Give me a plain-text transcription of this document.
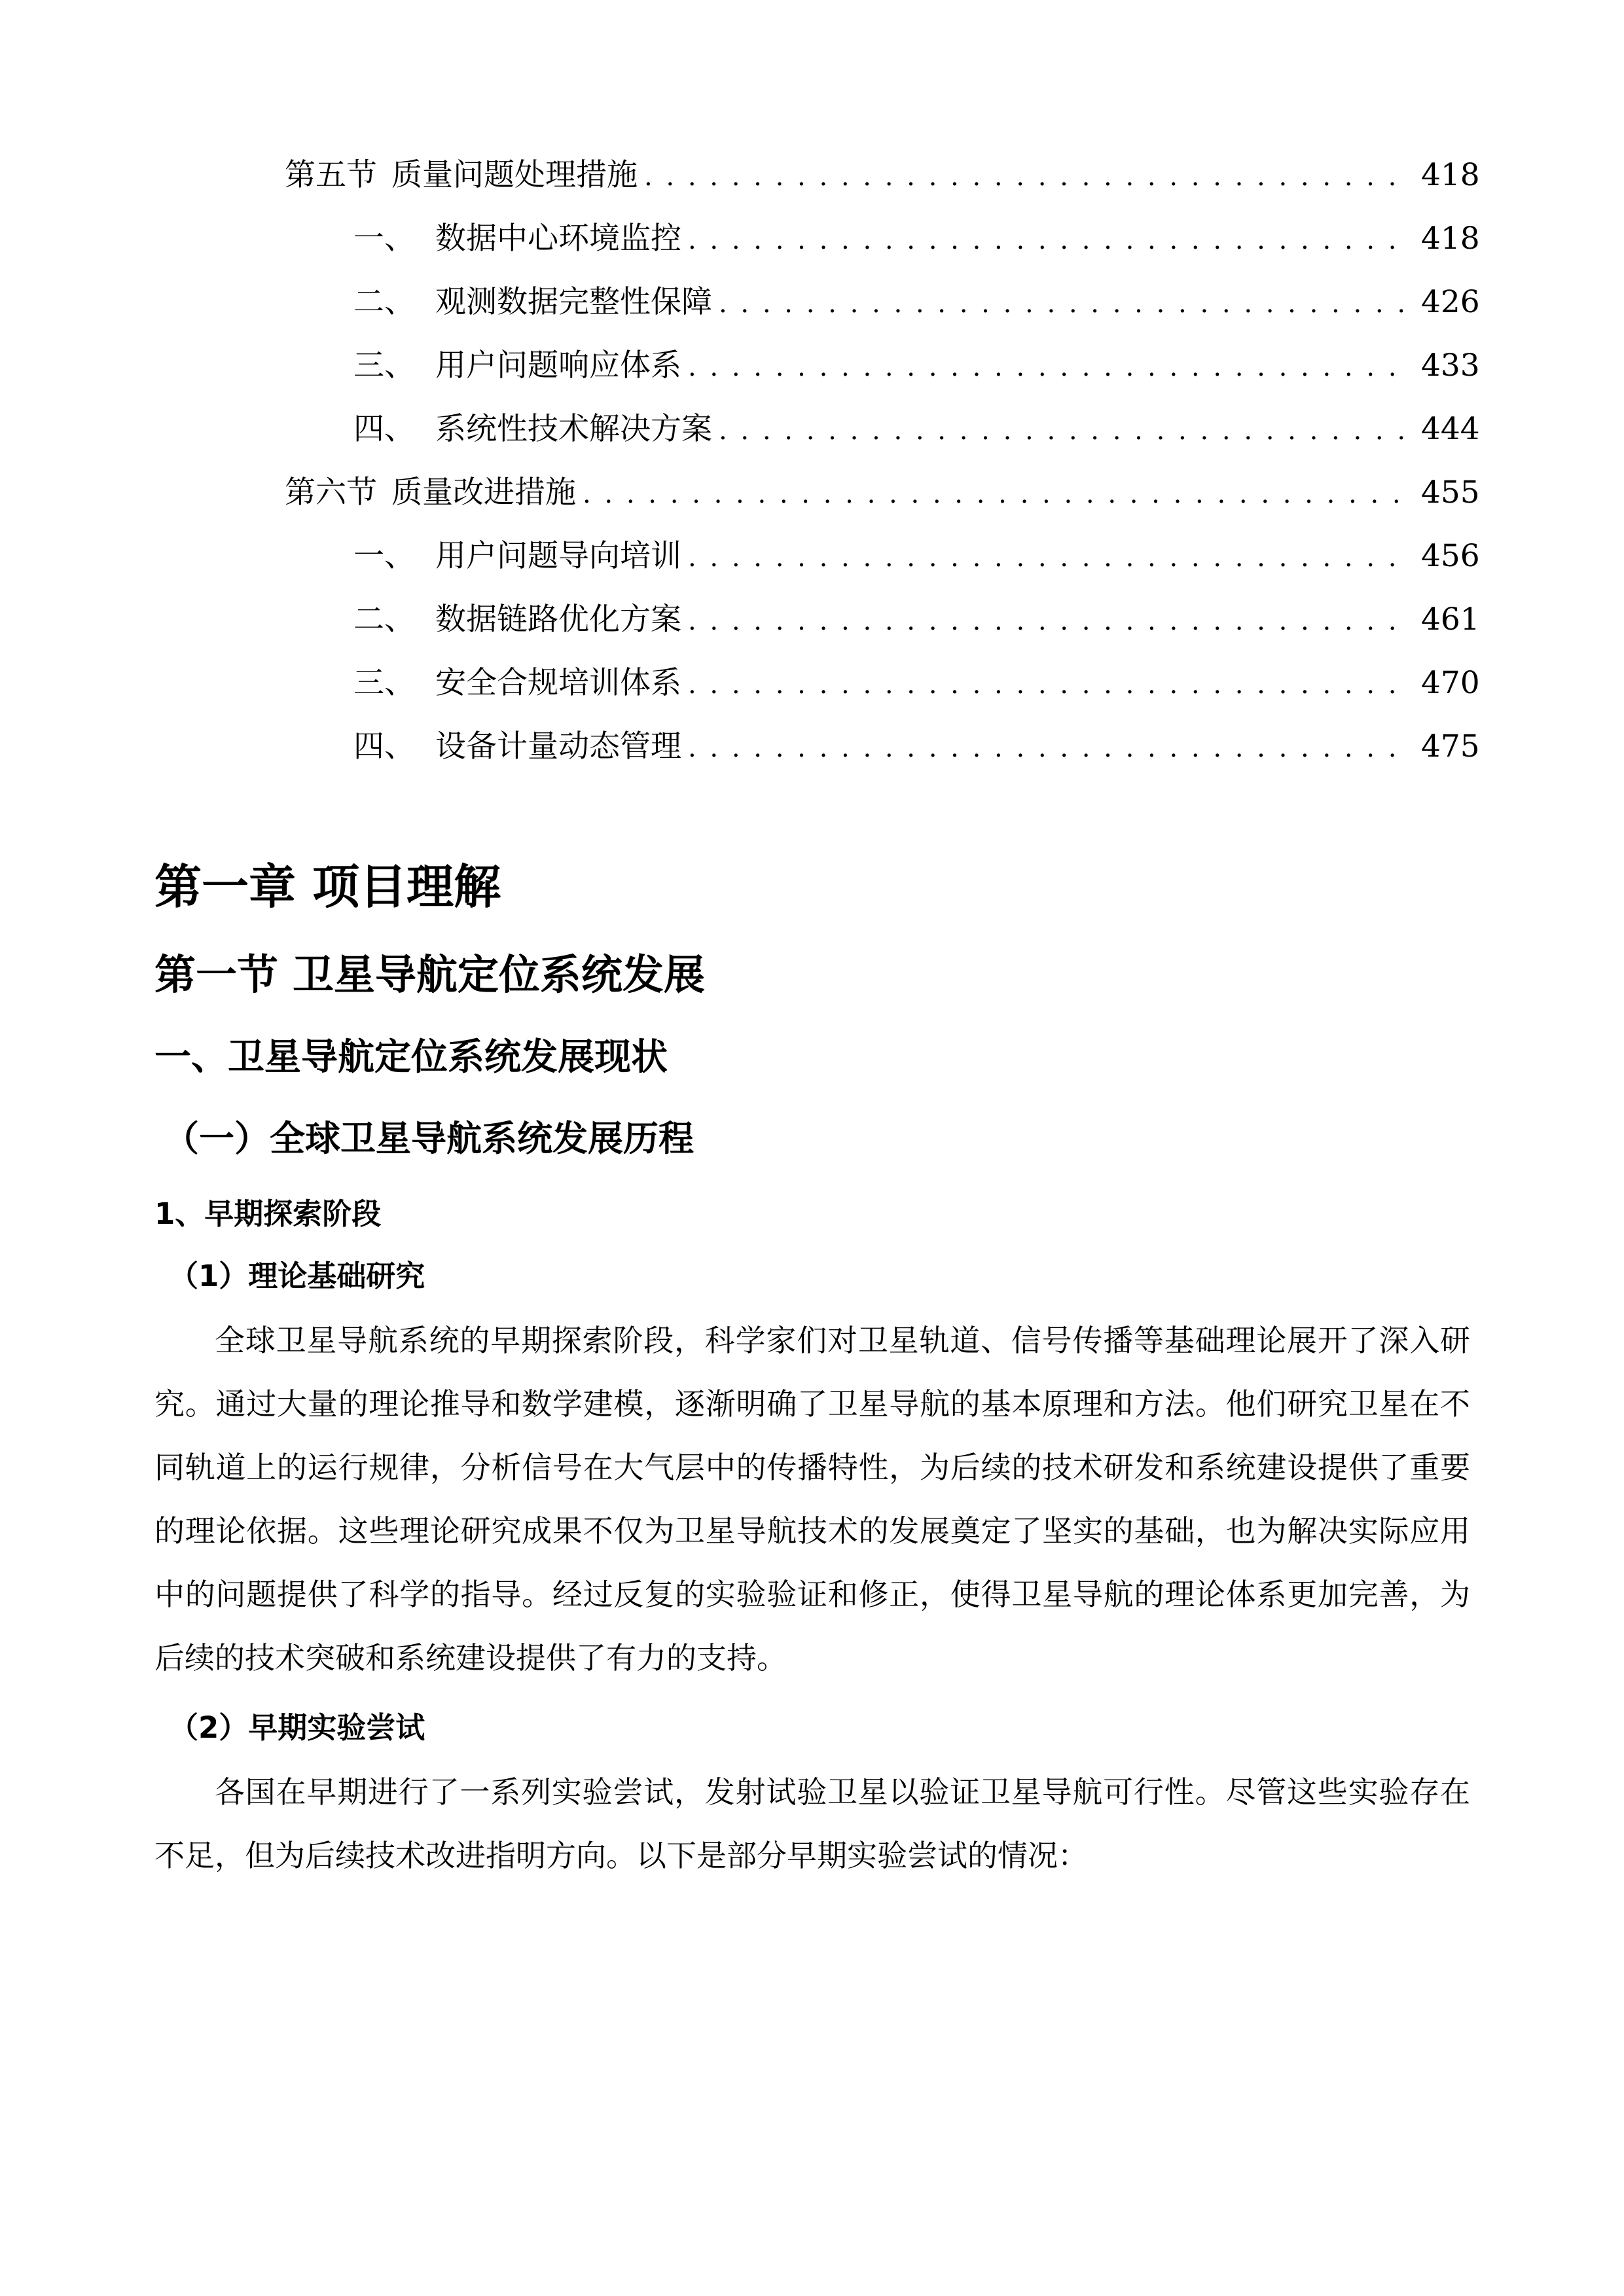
第五节 质量问题处理措施 . . .	418
一、 数据中心环境监控 . . .	418
二、 观测数据完整性保障 . . .	426
三、 用户问题响应体系 . . .	433
四、 系统性技术解决方案 . . .	444
第六节 质量改进措施 . . .	455
一、 用户问题导向培训 . . .	456
二、 数据链路优化方案 . . .	461
三、 安全合规培训体系 . . .	470
四、 设备计量动态管理 . . .	475
第一章 项目理解
第一节 卫星导航定位系统发展
一、卫星导航定位系统发展现状
（一）全球卫星导航系统发展历程
1、早期探索阶段
（1）理论基础研究

全球卫星导航系统的早期探索阶段，科学家们对卫星轨道、信号传播等基础理论展开了深入研究。通过大量的理论推导和数学建模，逐渐明确了卫星导航的基本原理和方法。他们研究卫星在不同轨道上的运行规律，分析信号在大气层中的传播特性，为后续的技术研发和系统建设提供了重要的理论依据。这些理论研究成果不仅为卫星导航技术的发展奠定了坚实的基础，也为解决实际应用中的问题提供了科学的指导。经过反复的实验验证和修正，使得卫星导航的理论体系更加完善，为后续的技术突破和系统建设提供了有力的支持。

（2）早期实验尝试

各国在早期进行了一系列实验尝试，发射试验卫星以验证卫星导航可行性。尽管这些实验存在不足，但为后续技术改进指明方向。以下是部分早期实验尝试的情况：
